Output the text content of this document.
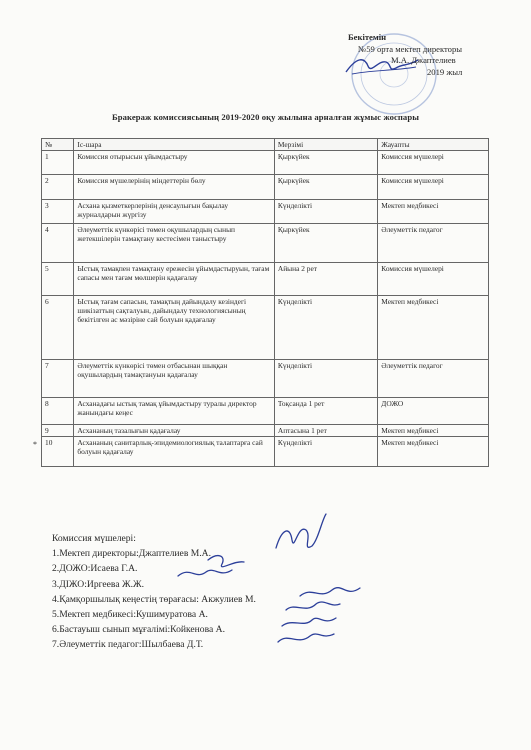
Бекітемін
№59 орта мектеп директоры
М.А. Джаптелиев
2019 жыл
Бракераж комиссиясының 2019-2020 оқу жылына арналған жұмыс жоспары
№	Іс-шара	Мерзімі	Жауапты
1	Комиссия отырысын ұйымдастыру	Қыркүйек	Комиссия мүшелері
2	Комиссия мүшелерінің міндеттерін бөлу	Қыркүйек	Комиссия мүшелері
3	Асхана қызметкерлерінің денсаулығын бақылау журналдарын жүргізу	Күнделікті	Мектеп медбикесі
4	Әлеуметтік күнкөрісі төмен оқушылардың сынып жетекшілерін тамақтану кестесімен таныстыру	Қыркүйек	Әлеуметтік педагог
5	Ыстық тамақпен тамақтану ережесін ұйымдастыруын, тағам сапасы мен тағам мөлшерін қадағалау	Айына 2 рет	Комиссия мүшелері
6	Ыстық тағам сапасын, тамақтың дайындалу кезіндегі шикізаттың сақталуын, дайындалу технологиясының бекітілген ас мәзіріне сай болуын қадағалау	Күнделікті	Мектеп медбикесі
7	Әлеуметтік күнкөрісі төмен отбасынан шыққан оқушылардың тамақтануын қадағалау	Күнделікті	Әлеуметтік педагог
8	Асханадағы ыстық тамақ ұйымдастыру туралы директор жанындағы кеңес	Тоқсанда 1 рет	ДОЖО
9	Асхананың тазалығын қадағалау	Аптасына 1 рет	Мектеп медбикесі
10	Асхананың санитарлық-эпидемиологиялық талаптарға сай болуын қадағалау	Күнделікті	Мектеп медбикесі
*
Комиссия мүшелері:
1.Мектеп директоры:Джаптелиев М.А.
2.ДОЖО:Исаева Г.А.
3.ДІЖО:Иргеева Ж.Ж.
4.Қамқоршылық кеңестің төрағасы: Акжулиев М.
5.Мектеп медбикесі:Кушимуратова А.
6.Бастауыш сынып мұғалімі:Койкенова А.
7.Әлеуметтік педагог:Шылбаева Д.Т.
